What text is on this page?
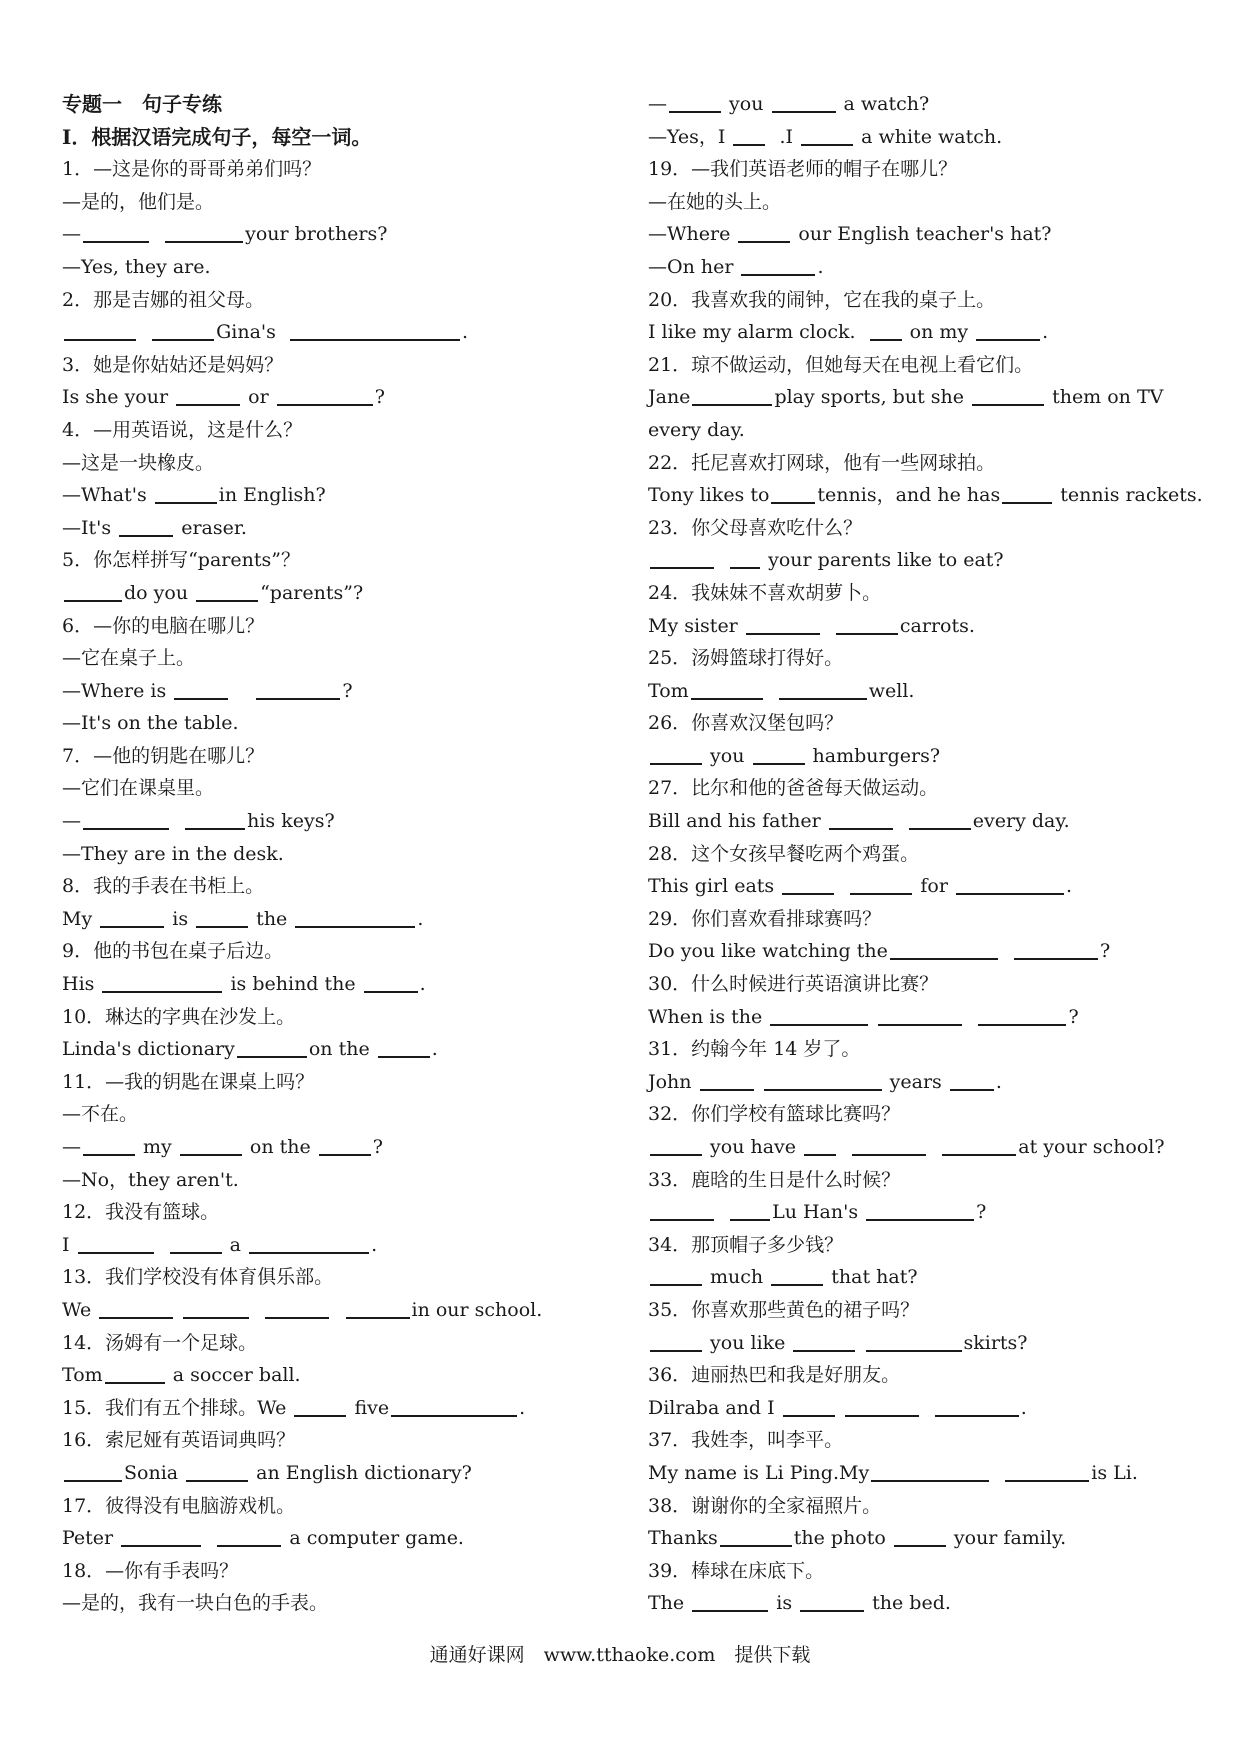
专题一　句子专练
I．根据汉语完成句子，每空一词。
1．—这是你的哥哥弟弟们吗？
—是的，他们是。
—	your brothers?
—Yes, they are.
2．那是吉娜的祖父母。
Gina's	.
3．她是你姑姑还是妈妈？
Is she your	or	?
4．—用英语说，这是什么？
—这是一块橡皮。
—What's	in English?
—It's	eraser.
5．你怎样拼写“parents”？
do you	“parents”?
6．—你的电脑在哪儿？
—它在桌子上。
—Where is	?
—It's on the table.
7．—他的钥匙在哪儿？
—它们在课桌里。
—	his keys?
—They are in the desk.
8．我的手表在书柜上。
My	is	the	.
9．他的书包在桌子后边。
His	is behind the	.
10．琳达的字典在沙发上。
Linda's dictionary	on the	.
11．—我的钥匙在课桌上吗？
—不在。
—	my	on the	?
—No，they aren't.
12．我没有篮球。
I	a	.
13．我们学校没有体育俱乐部。
We	in our school.
14．汤姆有一个足球。
Tom	a soccer ball.
15．我们有五个排球。We	five	.
16．索尼娅有英语词典吗？
Sonia	an English dictionary?
17．彼得没有电脑游戏机。
Peter	a computer game.
18．—你有手表吗？
—是的，我有一块白色的手表。
—	you	a watch?
—Yes，I   .I	a white watch.
19．—我们英语老师的帽子在哪儿？
—在她的头上。
—Where	our English teacher's hat?
—On her	.
20．我喜欢我的闹钟，它在我的桌子上。
I like my alarm clock.   on my	.
21．琼不做运动，但她每天在电视上看它们。
Jane	play sports, but she	them on TV
every day.
22．托尼喜欢打网球，他有一些网球拍。
Tony likes to	tennis，and he has	tennis rackets.
23．你父母喜欢吃什么？
your parents like to eat?
24．我妹妹不喜欢胡萝卜。
My sister	carrots.
25．汤姆篮球打得好。
Tom	well.
26．你喜欢汉堡包吗？
you	hamburgers?
27．比尔和他的爸爸每天做运动。
Bill and his father	every day.
28．这个女孩早餐吃两个鸡蛋。
This girl eats	for	.
29．你们喜欢看排球赛吗？
Do you like watching the	?
30．什么时候进行英语演讲比赛？
When is the	?
31．约翰今年 14 岁了。
John	years	.
32．你们学校有篮球比赛吗？
you have	at your school?
33．鹿晗的生日是什么时候？
Lu Han's	?
34．那顶帽子多少钱？
much	that hat?
35．你喜欢那些黄色的裙子吗？
you like	skirts?
36．迪丽热巴和我是好朋友。
Dilraba and I	.
37．我姓李，叫李平。
My name is Li Ping.My	is Li.
38．谢谢你的全家福照片。
Thanks	the photo	your family.
39．棒球在床底下。
The	is	the bed.
通通好课网　www.tthaoke.com　提供下载
